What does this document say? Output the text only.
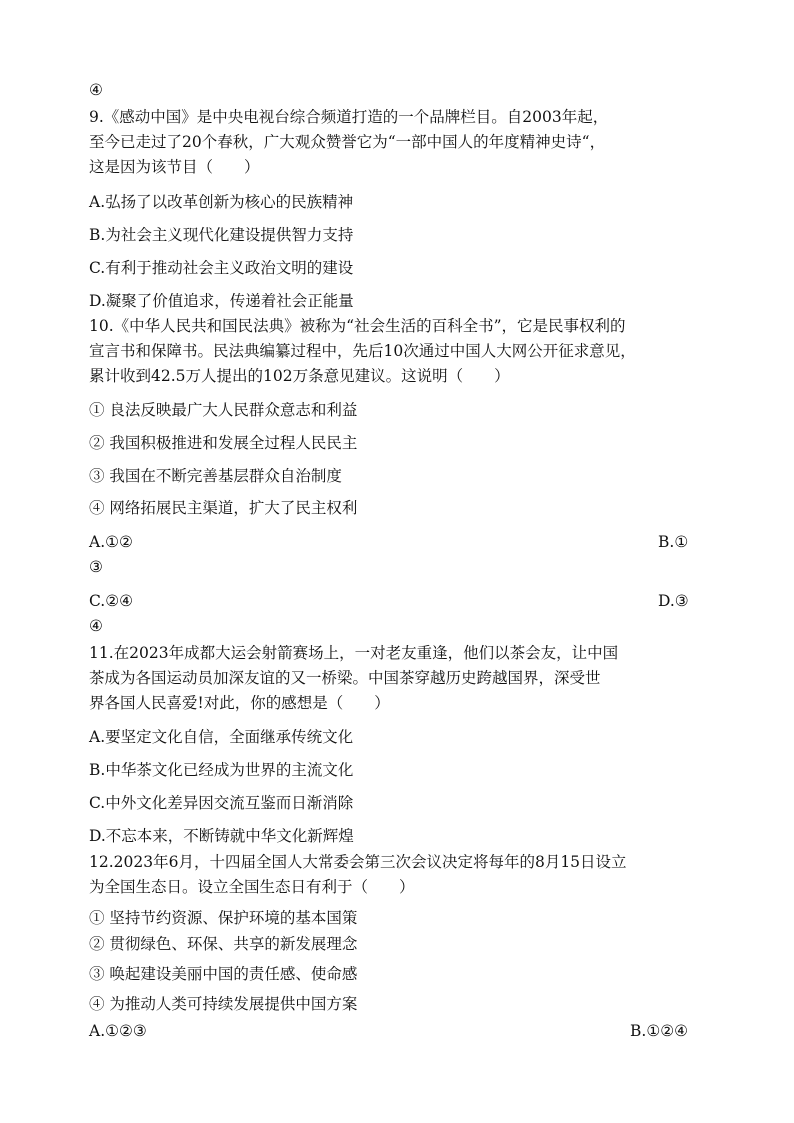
④
9.《感动中国》是中央电视台综合频道打造的一个品牌栏目。自2003年起，
至今已走过了20个春秋，广大观众赞誉它为“一部中国人的年度精神史诗“，
这是因为该节目（　　）
A.弘扬了以改革创新为核心的民族精神
B.为社会主义现代化建设提供智力支持
C.有利于推动社会主义政治文明的建设
D.凝聚了价值追求，传递着社会正能量
10.《中华人民共和国民法典》被称为“社会生活的百科全书”，它是民事权利的
宣言书和保障书。民法典编纂过程中，先后10次通过中国人大网公开征求意见，
累计收到42.5万人提出的102万条意见建议。这说明（　　）
① 良法反映最广大人民群众意志和利益
② 我国积极推进和发展全过程人民民主
③ 我国在不断完善基层群众自治制度
④ 网络拓展民主渠道，扩大了民主权利
A.①②	B.①
③
C.②④	D.③
④
11.在2023年成都大运会射箭赛场上，一对老友重逢，他们以茶会友，让中国
茶成为各国运动员加深友谊的又一桥梁。中国茶穿越历史跨越国界，深受世
界各国人民喜爱!对此，你的感想是（　　）
A.要坚定文化自信，全面继承传统文化
B.中华茶文化已经成为世界的主流文化
C.中外文化差异因交流互鉴而日渐消除
D.不忘本来，不断铸就中华文化新辉煌
12.2023年6月，十四届全国人大常委会第三次会议决定将每年的8月15日设立
为全国生态日。设立全国生态日有利于（　　）
① 坚持节约资源、保护环境的基本国策
② 贯彻绿色、环保、共享的新发展理念
③ 唤起建设美丽中国的责任感、使命感
④ 为推动人类可持续发展提供中国方案
A.①②③	B.①②④
